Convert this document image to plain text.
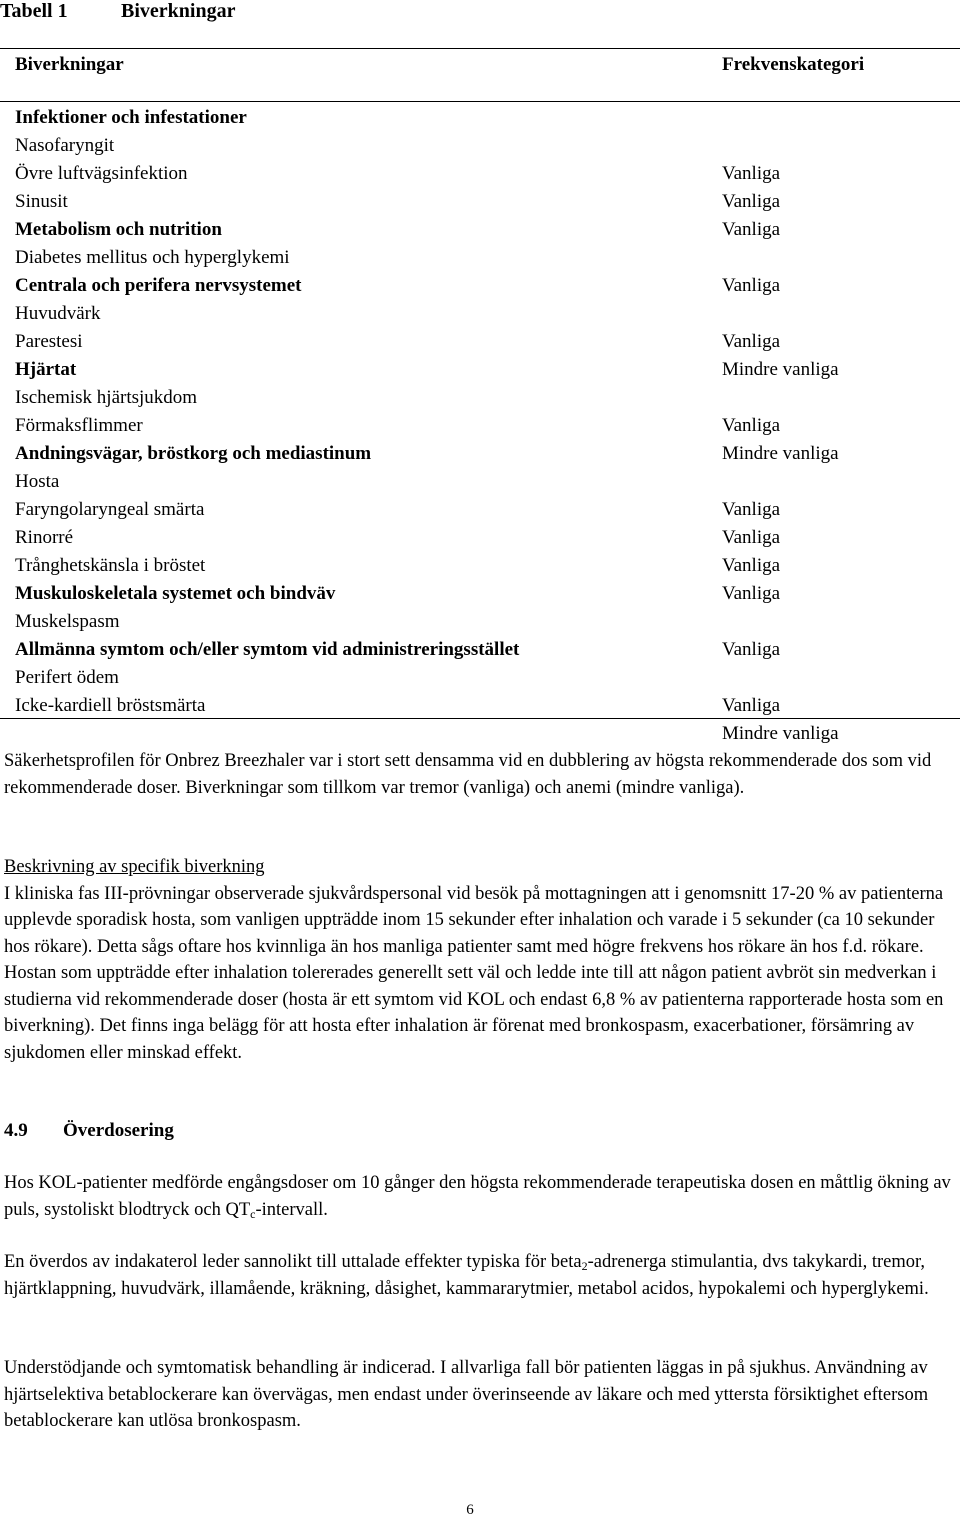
Tabell 1	Biverkningar
Biverkningar	Frekvenskategori
Infektioner och infestationer
Nasofaryngit
Övre luftvägsinfektion
Sinusit
Metabolism och nutrition
Diabetes mellitus och hyperglykemi
Centrala och perifera nervsystemet
Huvudvärk
Parestesi
Hjärtat
Ischemisk hjärtsjukdom
Förmaksflimmer
Andningsvägar, bröstkorg och mediastinum
Hosta
Faryngolaryngeal smärta
Rinorré
Trånghetskänsla i bröstet
Muskuloskeletala systemet och bindväv
Muskelspasm
Allmänna symtom och/eller symtom vid administreringsstället
Perifert ödem
Icke-kardiell bröstsmärta
Vanliga
Vanliga
Vanliga
Vanliga
Vanliga
Mindre vanliga
Vanliga
Mindre vanliga
Vanliga
Vanliga
Vanliga
Vanliga
Vanliga
Vanliga
Mindre vanliga
Säkerhetsprofilen för Onbrez Breezhaler var i stort sett densamma vid en dubblering av högsta rekommenderade dos som vid rekommenderade doser. Biverkningar som tillkom var tremor (vanliga) och anemi (mindre vanliga).

Beskrivning av specifik biverkning

I kliniska fas III-prövningar observerade sjukvårdspersonal vid besök på mottagningen att i genomsnitt 17-20 % av patienterna upplevde sporadisk hosta, som vanligen uppträdde inom 15 sekunder efter inhalation och varade i 5 sekunder (ca 10 sekunder hos rökare). Detta sågs oftare hos kvinnliga än hos manliga patienter samt med högre frekvens hos rökare än hos f.d. rökare. Hostan som uppträdde efter inhalation tolererades generellt sett väl och ledde inte till att någon patient avbröt sin medverkan i studierna vid rekommenderade doser (hosta är ett symtom vid KOL och endast 6,8 % av patienterna rapporterade hosta som en biverkning). Det finns inga belägg för att hosta efter inhalation är förenat med bronkospasm, exacerbationer, försämring av sjukdomen eller minskad effekt.

4.9 Överdosering
Hos KOL-patienter medförde engångsdoser om 10 gånger den högsta rekommenderade terapeutiska dosen en måttlig ökning av puls, systoliskt blodtryck och $QT_c$-intervall.
En överdos av indakaterol leder sannolikt till uttalade effekter typiska för beta$_2$-adrenerga stimulantia, dvs takykardi, tremor, hjärtklappning, huvudvärk, illamående, kräkning, dåsighet, kammararytmier, metabol acidos, hypokalemi och hyperglykemi.
Understödjande och symtomatisk behandling är indicerad. I allvarliga fall bör patienten läggas in på sjukhus. Användning av hjärtselektiva betablockerare kan övervägas, men endast under överinseende av läkare och med yttersta försiktighet eftersom betablockerare kan utlösa bronkospasm.
6
